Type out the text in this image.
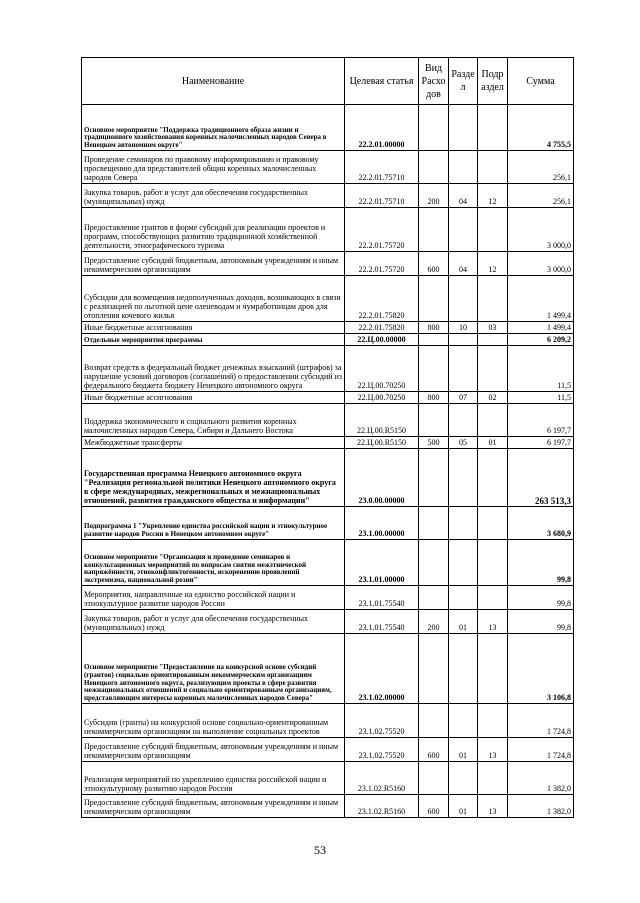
Наименование	Целевая статья	Вид Расхо дов	Разде л	Подр аздел	Сумма
Основное мероприятие "Поддержка традиционного образа жизни и традиционного хозяйствования коренных малочисленных народов Севера в Ненецком автономном округе"	22.2.01.00000				4 755,5
Проведение семинаров по правовому информированию и правовому просвещению для представителей общин коренных малочисленных народов Севера	22.2.01.75710				256,1
Закупка товаров, работ и услуг для обеспечения государственных (муниципальных) нужд	22.2.01.75710	200	04	12	256,1
Предоставление грантов в форме субсидий для реализации проектов и программ, способствующих развитию традиционной хозяйственной деятельности, этнографического туризма	22.2.01.75720				3 000,0
Предоставление субсидий бюджетным, автономным учреждениям и иным некоммерческим организациям	22.2.01.75720	600	04	12	3 000,0
Субсидии для возмещения недополученных доходов, возникающих в связи с реализацией по льготной цене оленеводам и чумработницам дров для отопления кочевого жилья	22.2.01.75820				1 499,4
Иные бюджетные ассигнования	22.2.01.75820	800	10	03	1 499,4
Отдельные мероприятия программы	22.Ц.00.00000				6 209,2
Возврат средств в федеральный бюджет денежных взысканий (штрафов) за нарушение условий договоров (соглашений) о предоставлении субсидий из федерального бюджета бюджету Ненецкого автономного округа	22.Ц.00.70250				11,5
Иные бюджетные ассигнования	22.Ц.00.70250	800	07	02	11,5
Поддержка экономического и социального развития коренных малочисленных народов Севера, Сибири и Дальнего Востока	22.Ц.00.R5150				6 197,7
Межбюджетные трансферты	22.Ц.00.R5150	500	05	01	6 197,7
Государственная программа Ненецкого автономного округа "Реализация региональной политики Ненецкого автономного округа в сфере международных, межрегиональных и межнациональных отношений, развития гражданского общества и информации"	23.0.00.00000				263 513,3
Подпрограмма 1 "Укрепление единства российской нации и этнокультурное развитие народов России в Ненецком автономном округе"	23.1.00.00000				3 680,9
Основное мероприятие "Организация и проведение семинаров и конкультационных мероприятий по вопросам снятия межэтнической напряжённости, этноконфликтогенности, искоренению проявлений экстремизма, национальной розни"	23.1.01.00000				99,8
Мероприятия, направленные на единство российской нации и этнокультурное развитие народов России	23.1.01.75540				99,8
Закупка товаров, работ и услуг для обеспечения государственных (муниципальных) нужд	23.1.01.75540	200	01	13	99,8
Основное мероприятие "Предоставление на конкурсной основе субсидий (грантов) социально ориентированным некоммерческим организациям Ненецкого автономного округа, реализующим проекты в сфере развития межнациональных отношений и социально ориентированным организациям, представляющим интересы коренных малочисленных народов Севера"	23.1.02.00000				3 106,8
Субсидии (гранты) на конкурсной основе социально-ориентированным некоммерческим организациям на выполнение социальных проектов	23.1.02.75520				1 724,8
Предоставление субсидий бюджетным, автономным учреждениям и иным некоммерческим организациям	23.1.02.75520	600	01	13	1 724,8
Реализация мероприятий по укреплению единства российской нации и этнокультурному развитию народов России	23.1.02.R5160				1 382,0
Предоставление субсидий бюджетным, автономным учреждениям и иным некоммерческим организациям	23.1.02.R5160	600	01	13	1 382,0
53
